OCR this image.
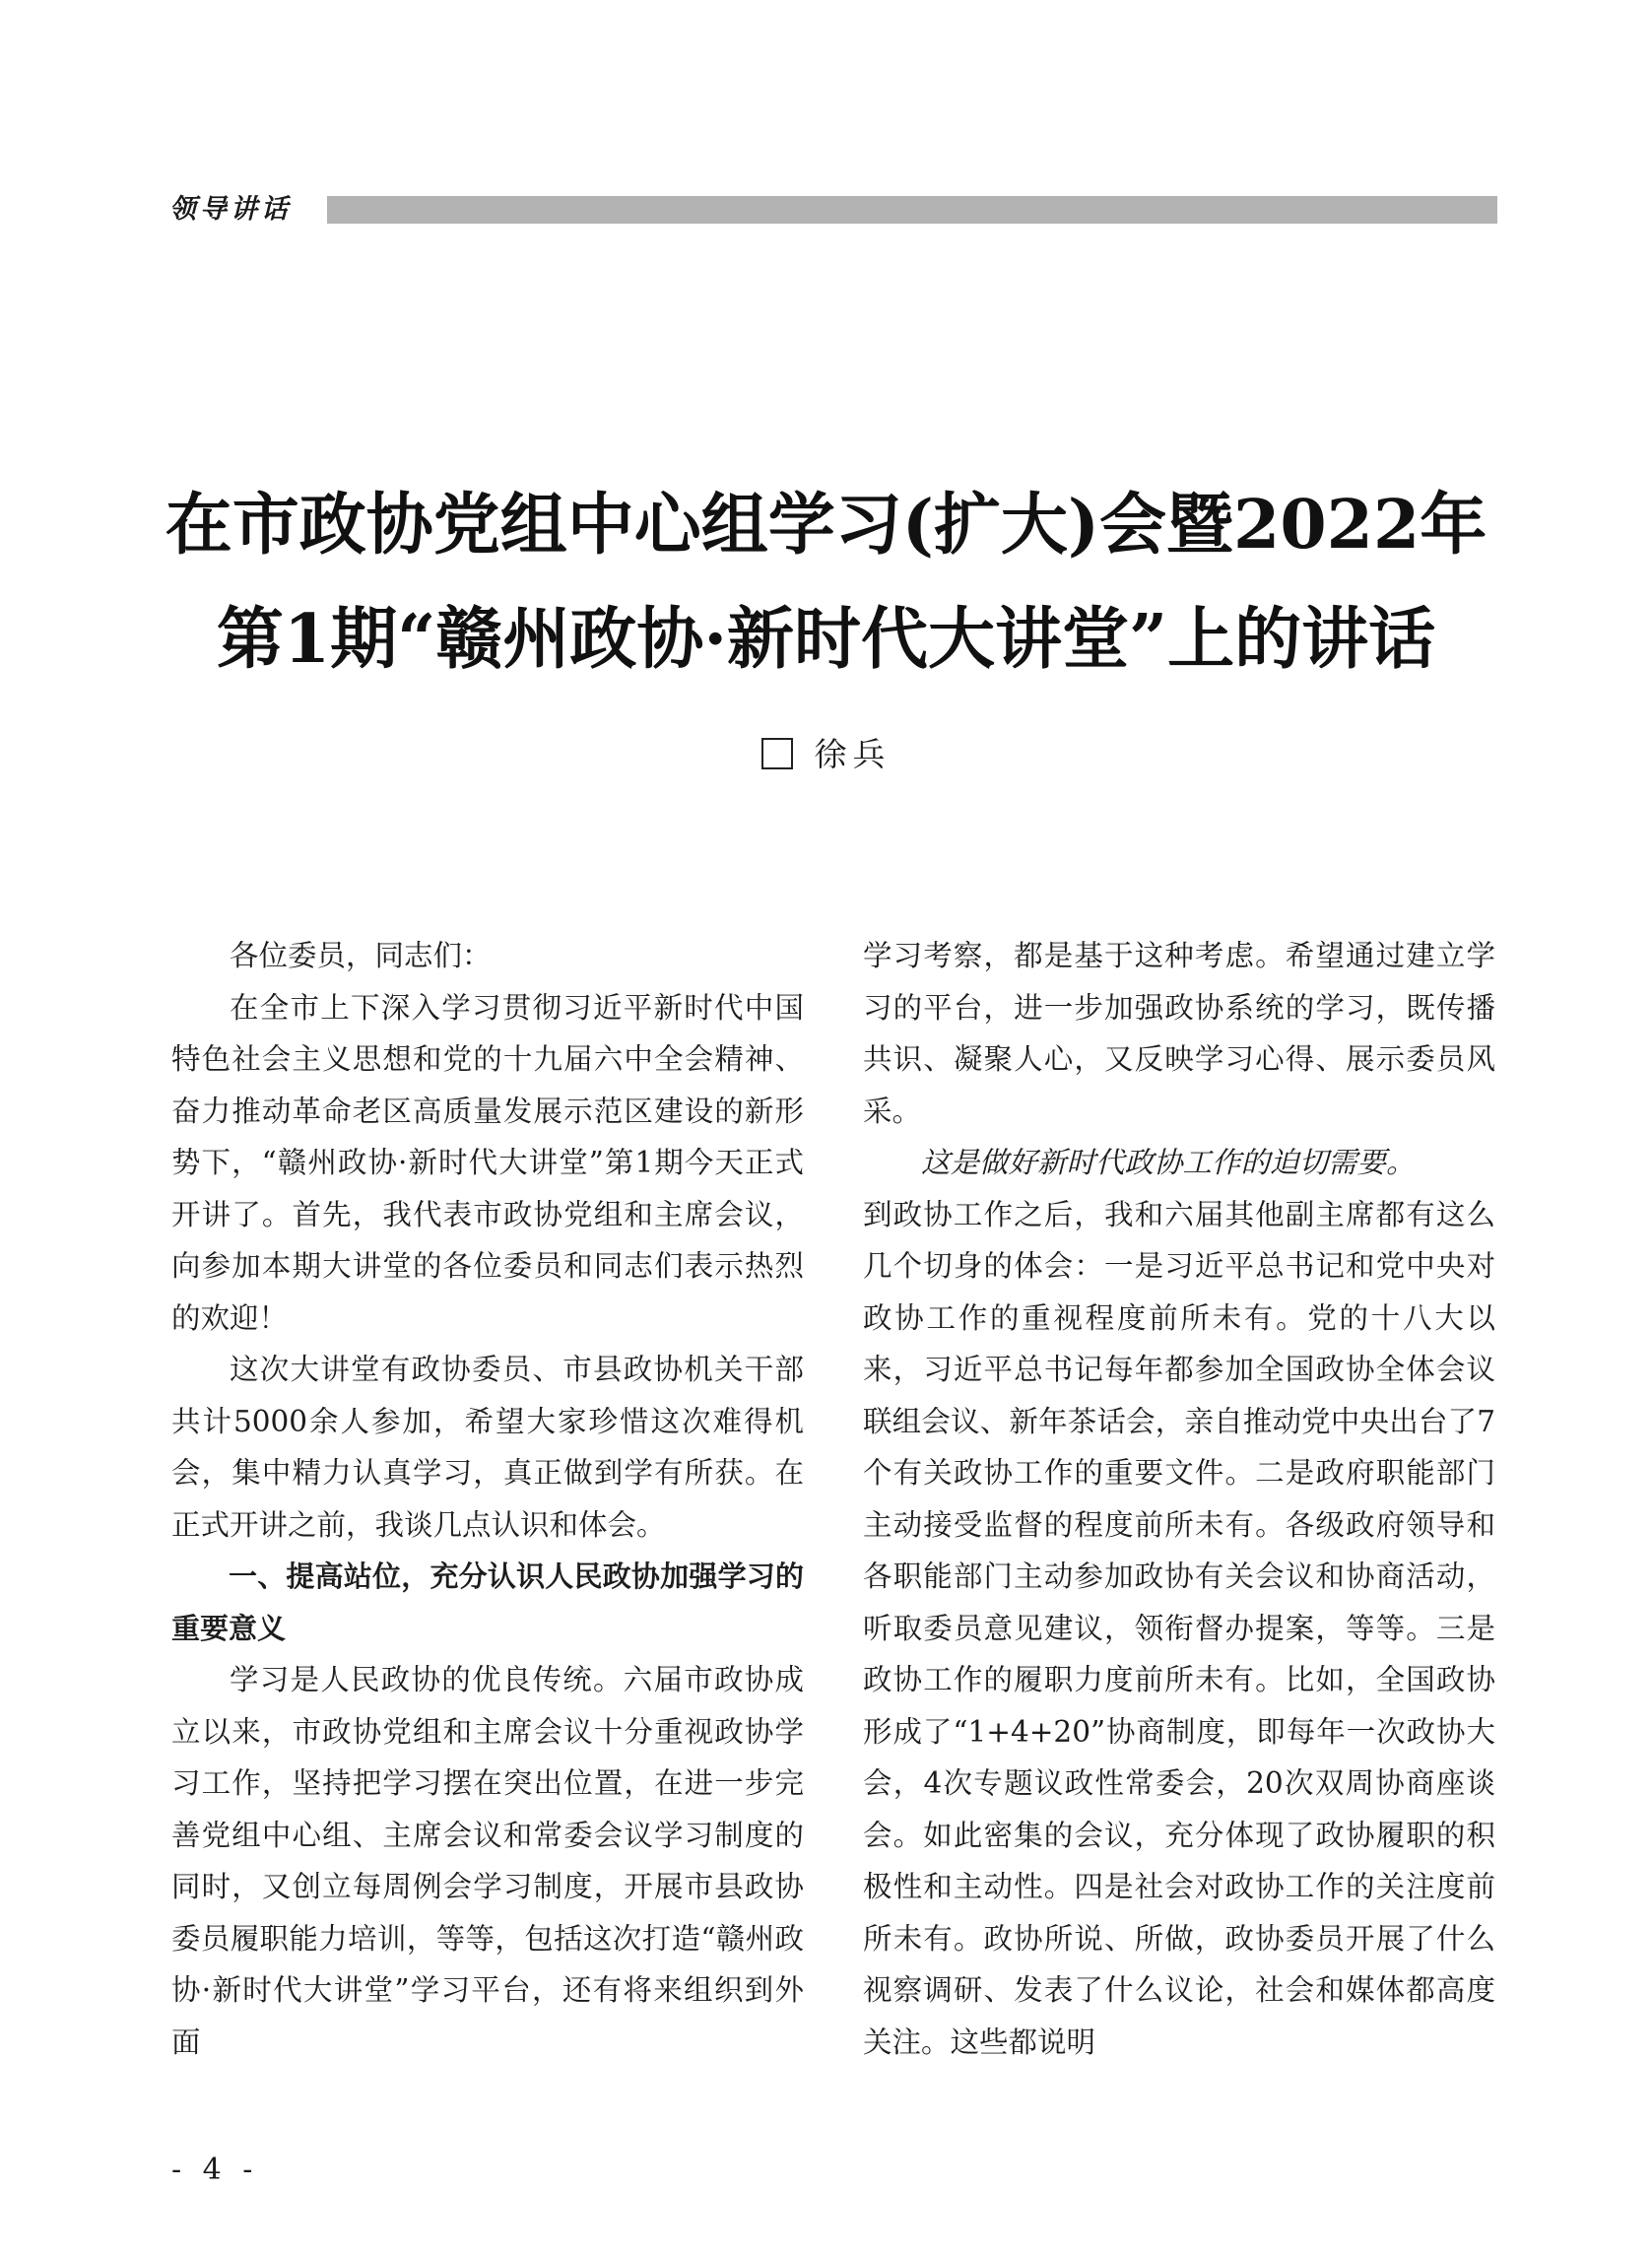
领导讲话
在市政协党组中心组学习(扩大)会暨2022年
第1期“赣州政协·新时代大讲堂”上的讲话
徐兵

各位委员，同志们：

在全市上下深入学习贯彻习近平新时代中国特色社会主义思想和党的十九届六中全会精神、奋力推动革命老区高质量发展示范区建设的新形势下，“赣州政协·新时代大讲堂”第1期今天正式开讲了。首先，我代表市政协党组和主席会议，向参加本期大讲堂的各位委员和同志们表示热烈的欢迎！

这次大讲堂有政协委员、市县政协机关干部共计5000余人参加，希望大家珍惜这次难得机会，集中精力认真学习，真正做到学有所获。在正式开讲之前，我谈几点认识和体会。

一、提高站位，充分认识人民政协加强学习的重要意义

学习是人民政协的优良传统。六届市政协成立以来，市政协党组和主席会议十分重视政协学习工作，坚持把学习摆在突出位置，在进一步完善党组中心组、主席会议和常委会议学习制度的同时，又创立每周例会学习制度，开展市县政协委员履职能力培训，等等，包括这次打造“赣州政协·新时代大讲堂”学习平台，还有将来组织到外面

学习考察，都是基于这种考虑。希望通过建立学习的平台，进一步加强政协系统的学习，既传播共识、凝聚人心，又反映学习心得、展示委员风采。

这是做好新时代政协工作的迫切需要。

到政协工作之后，我和六届其他副主席都有这么几个切身的体会：一是习近平总书记和党中央对政协工作的重视程度前所未有。党的十八大以来，习近平总书记每年都参加全国政协全体会议联组会议、新年茶话会，亲自推动党中央出台了7个有关政协工作的重要文件。二是政府职能部门主动接受监督的程度前所未有。各级政府领导和各职能部门主动参加政协有关会议和协商活动，听取委员意见建议，领衔督办提案，等等。三是政协工作的履职力度前所未有。比如，全国政协形成了“1+4+20”协商制度，即每年一次政协大会，4次专题议政性常委会，20次双周协商座谈会。如此密集的会议，充分体现了政协履职的积极性和主动性。四是社会对政协工作的关注度前所未有。政协所说、所做，政协委员开展了什么视察调研、发表了什么议论，社会和媒体都高度关注。这些都说明

- 4 -
